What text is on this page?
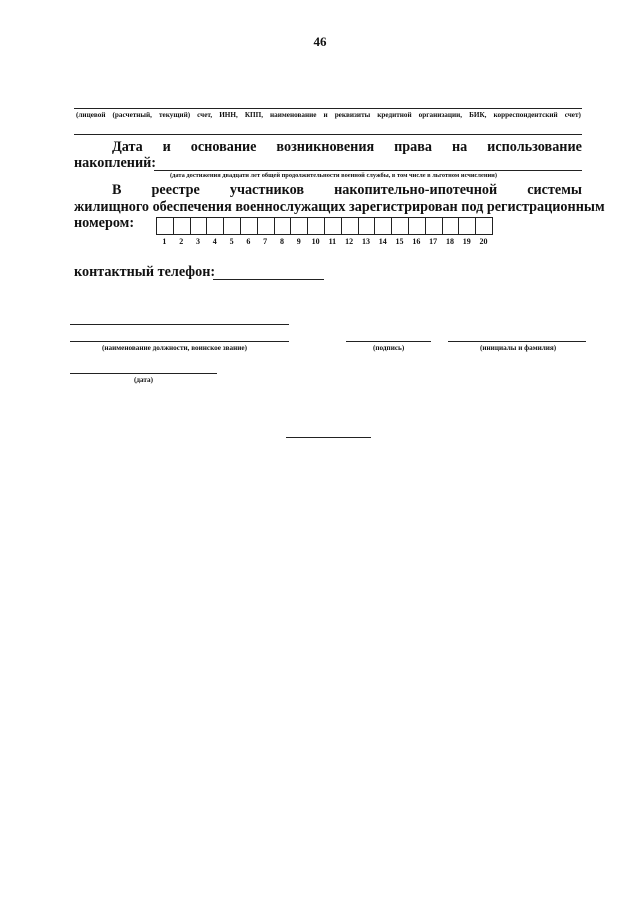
46
(лицевой (расчетный, текущий) счет, ИНН, КПП, наименование и реквизиты кредитной организации, БИК, корреспондентский счет)
Дата и основание возникновения права на использование
накоплений:
(дата достижения двадцати лет общей продолжительности военной службы, в том числе в льготном исчислении)
В реестре участников накопительно-ипотечной системы
жилищного обеспечения военнослужащих зарегистрирован под регистрационным
номером:
1	2	3	4	5	6	7	8	9	10	11	12	13	14	15	16	17	18	19	20
контактный телефон:
(наименование должности, воинское звание)	(подпись)	(инициалы и фамилия)
(дата)
